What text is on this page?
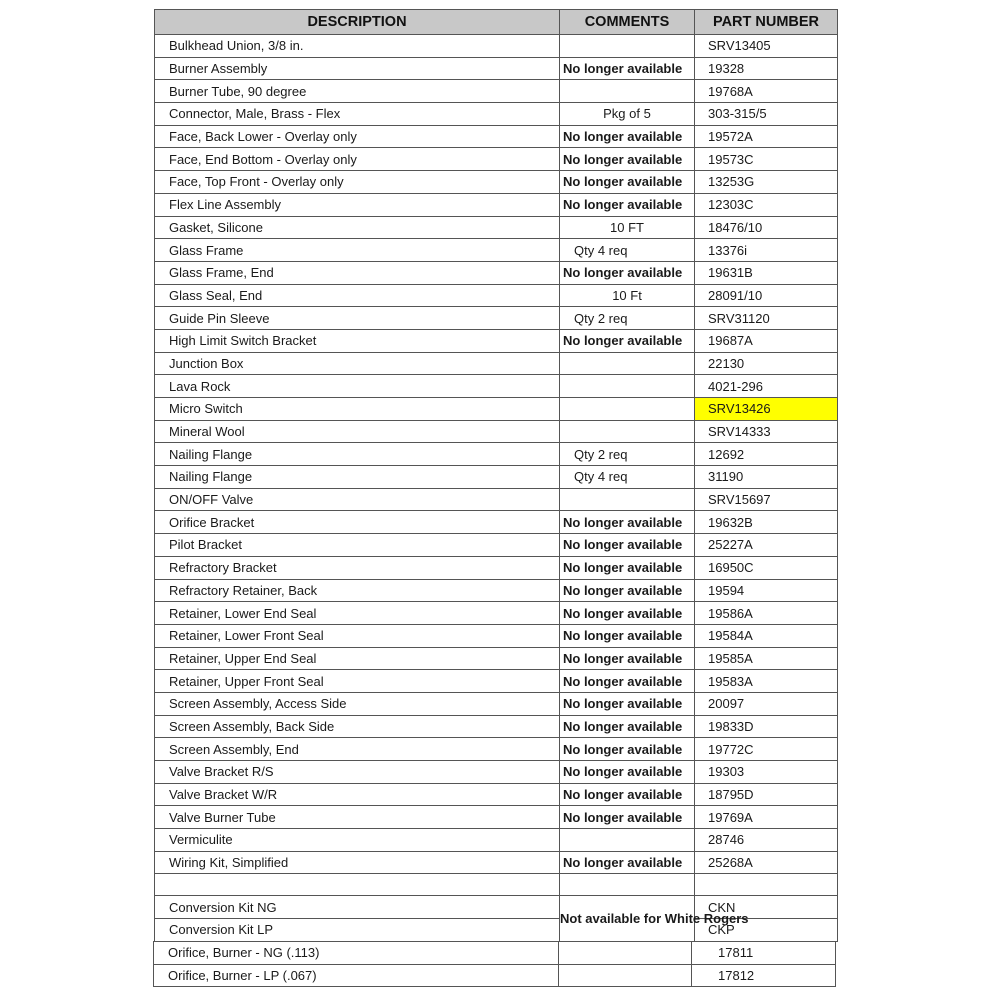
DESCRIPTION	COMMENTS	PART NUMBER
Bulkhead Union, 3/8 in.		SRV13405
Burner Assembly	No longer available	19328
Burner Tube, 90 degree		19768A
Connector, Male, Brass - Flex	Pkg of 5	303-315/5
Face, Back Lower - Overlay only	No longer available	19572A
Face, End Bottom - Overlay only	No longer available	19573C
Face, Top Front - Overlay only	No longer available	13253G
Flex Line Assembly	No longer available	12303C
Gasket, Silicone	10 FT	18476/10
Glass Frame	Qty 4 req	13376i
Glass Frame, End	No longer available	19631B
Glass Seal, End	10 Ft	28091/10
Guide Pin Sleeve	Qty 2 req	SRV31120
High Limit Switch Bracket	No longer available	19687A
Junction Box		22130
Lava Rock		4021-296
Micro Switch		SRV13426
Mineral Wool		SRV14333
Nailing Flange	Qty 2 req	12692
Nailing Flange	Qty 4 req	31190
ON/OFF Valve		SRV15697
Orifice Bracket	No longer available	19632B
Pilot Bracket	No longer available	25227A
Refractory Bracket	No longer available	16950C
Refractory Retainer, Back	No longer available	19594
Retainer, Lower End Seal	No longer available	19586A
Retainer, Lower Front Seal	No longer available	19584A
Retainer, Upper End Seal	No longer available	19585A
Retainer, Upper Front Seal	No longer available	19583A
Screen Assembly, Access Side	No longer available	20097
Screen Assembly, Back Side	No longer available	19833D
Screen Assembly, End	No longer available	19772C
Valve Bracket R/S	No longer available	19303
Valve Bracket W/R	No longer available	18795D
Valve Burner Tube	No longer available	19769A
Vermiculite		28746
Wiring Kit, Simplified	No longer available	25268A

Conversion Kit NG	Not available for White Rogers	CKN
Conversion Kit LP		CKP
Orifice, Burner - NG (.113)		17811
Orifice, Burner - LP (.067)		17812
